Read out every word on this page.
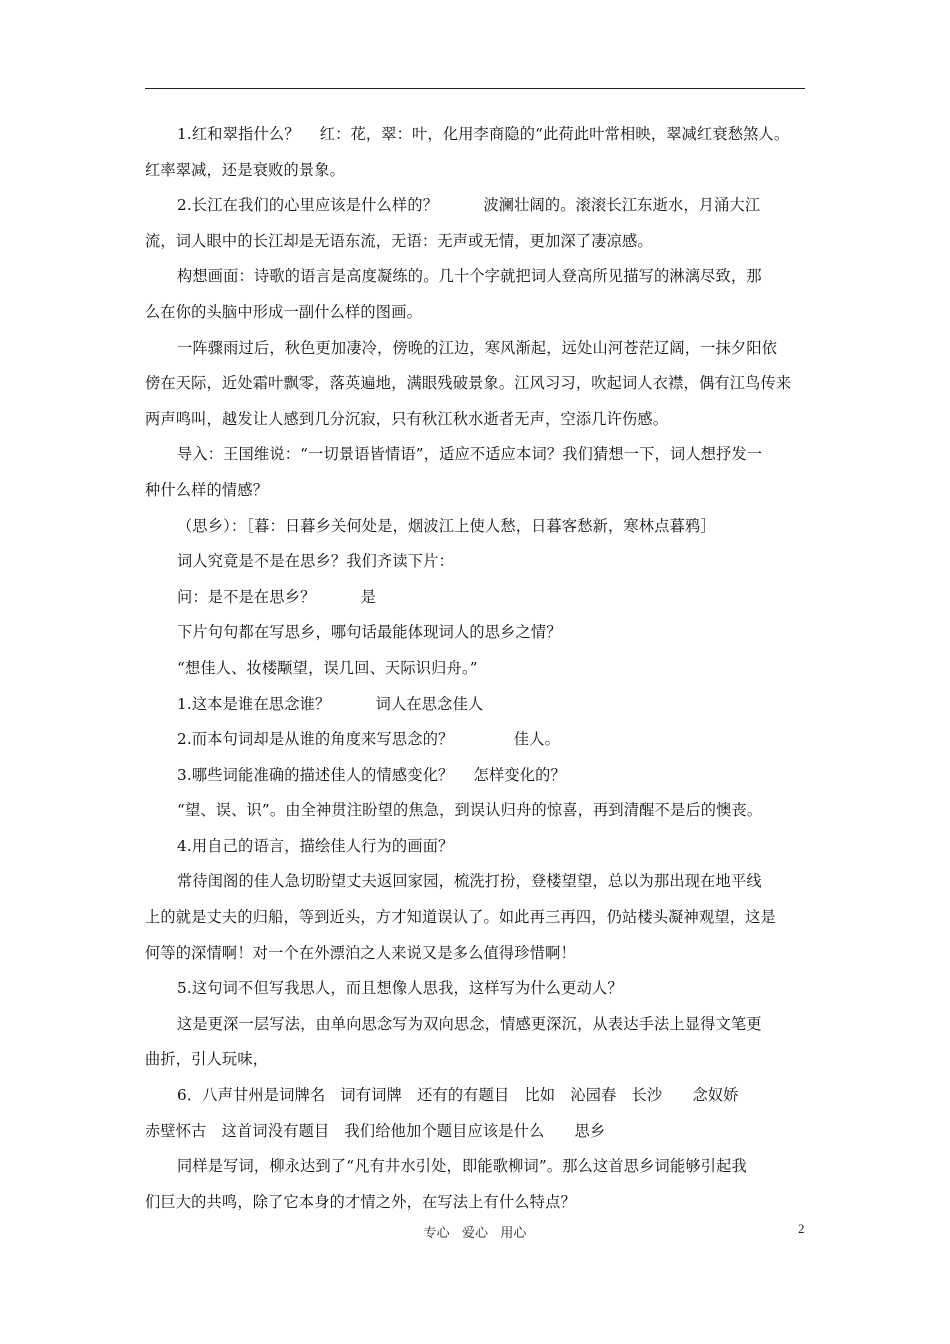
1.红和翠指什么？    红：花，翠：叶，化用李商隐的“此荷此叶常相映，翠减红衰愁煞人。
红率翠减，还是衰败的景象。
2.长江在我们的心里应该是什么样的？         波澜壮阔的。滚滚长江东逝水，月涌大江
流，词人眼中的长江却是无语东流，无语：无声或无情，更加深了凄凉感。
构想画面：诗歌的语言是高度凝练的。几十个字就把词人登高所见描写的淋漓尽致，那
么在你的头脑中形成一副什么样的图画。
一阵骤雨过后，秋色更加凄冷，傍晚的江边，寒风渐起，远处山河苍茫辽阔，一抹夕阳依
傍在天际，近处霜叶飘零，落英遍地，满眼残破景象。江风习习，吹起词人衣襟，偶有江鸟传来
两声鸣叫，越发让人感到几分沉寂，只有秋江秋水逝者无声，空添几许伤感。
导入：王国维说：“一切景语皆情语”，适应不适应本词？我们猜想一下，词人想抒发一
种什么样的情感？
（思乡）：［暮：日暮乡关何处是，烟波江上使人愁，日暮客愁新，寒林点暮鸦］
词人究竟是不是在思乡？我们齐读下片：
问：是不是在思乡？         是
下片句句都在写思乡，哪句话最能体现词人的思乡之情？
“想佳人、妆楼颙望，误几回、天际识归舟。”
1.这本是谁在思念谁？         词人在思念佳人
2.而本句词却是从谁的角度来写思念的？            佳人。
3.哪些词能准确的描述佳人的情感变化？    怎样变化的？
“望、误、识”。由全神贯注盼望的焦急，到误认归舟的惊喜，再到清醒不是后的懊丧。
4.用自己的语言，描绘佳人行为的画面？
常待闺阁的佳人急切盼望丈夫返回家园，梳洗打扮，登楼望望，总以为那出现在地平线
上的就是丈夫的归船，等到近头，方才知道误认了。如此再三再四，仍站楼头凝神观望，这是
何等的深情啊！对一个在外漂泊之人来说又是多么值得珍惜啊！
5.这句词不但写我思人，而且想像人思我，这样写为什么更动人？
这是更深一层写法，由单向思念写为双向思念，情感更深沉，从表达手法上显得文笔更
曲折，引人玩味，
6．八声甘州是词牌名   词有词牌   还有的有题目   比如   沁园春   长沙      念奴娇
赤壁怀古   这首词没有题目   我们给他加个题目应该是什么      思乡
同样是写词，柳永达到了“凡有井水引处，即能歌柳词”。那么这首思乡词能够引起我
们巨大的共鸣，除了它本身的才情之外，在写法上有什么特点？
专心   爱心   用心	2
